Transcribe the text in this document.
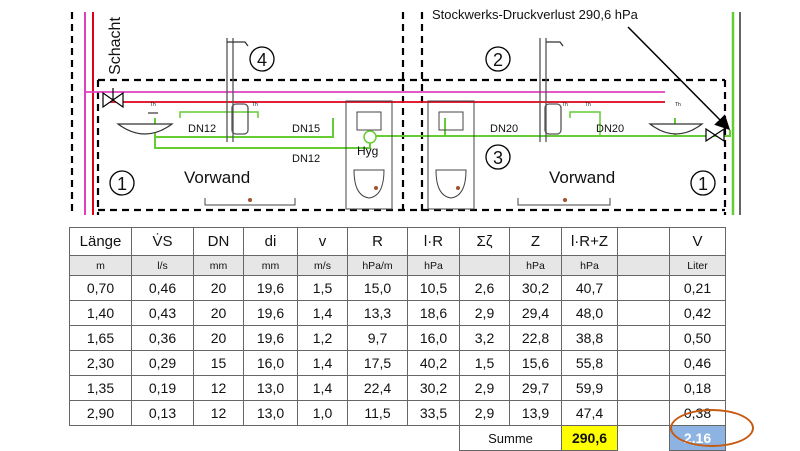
1
2
3
4
1
Schacht
Stockwerks-Druckverlust 290,6 hPa
Vorwand	Vorwand
DN12	DN15
DN12
DN20	DN20
Hyg
Th	Th	Th	Th	Th
Länge	V̇S	DN	di	v	R	l·R	Σζ	Z	l·R+Z		V
m	l/s	mm	mm	m/s	hPa/m	hPa		hPa	hPa		Liter
0,70	0,46	20	19,6	1,5	15,0	10,5	2,6	30,2	40,7		0,21
1,40	0,43	20	19,6	1,4	13,3	18,6	2,9	29,4	48,0		0,42
1,65	0,36	20	19,6	1,2	9,7	16,0	3,2	22,8	38,8		0,50
2,30	0,29	15	16,0	1,4	17,5	40,2	1,5	15,6	55,8		0,46
1,35	0,19	12	13,0	1,4	22,4	30,2	2,9	29,7	59,9		0,18
2,90	0,13	12	13,0	1,0	11,5	33,5	2,9	13,9	47,4		0,38
							Summe		290,6		2,16
